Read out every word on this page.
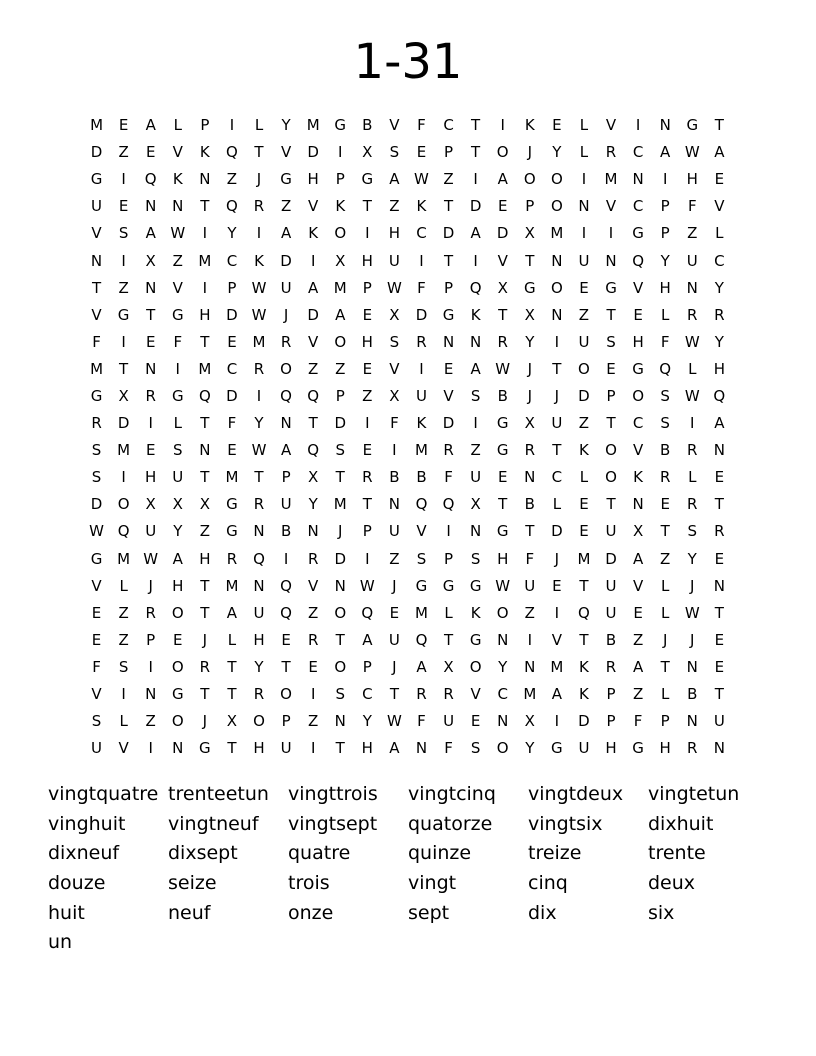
1-31
M	E	A	L	P	I	L	Y	M G	B	V	F	C	T	I	K	E	L	V	I	N	G	T
D	Z	E	V	K	Q	T	V	D	I	X	S	E	P	T	O	J	Y	L	R	C	A W A
G	I	Q	K	N	Z	J	G	H	P	G	A W Z	I	A	O	O	I	M N	I	H	E
U	E	N	N	T	Q	R	Z	V	K	T	Z	K	T	D	E	P	O	N	V	C	P	F	V
V	S	A W	I	Y	I	A	K	O	I	H	C	D	A	D	X	M	I	I	G	P	Z	L
N	I	X	Z	M	C	K	D	I	X	H	U	I	T	I	V	T	N	U	N	Q	Y	U	C
T	Z	N	V	I	P	W U	A	M	P	W	F	P	Q	X	G	O	E	G	V	H	N	Y
V	G	T	G	H	D W	J	D	A	E	X	D	G	K	T	X	N	Z	T	E	L	R	R
F	I	E	F	T	E	M	R	V	O	H	S	R	N	N	R	Y	I	U	S	H	F	W	Y
M	T	N	I	M	C	R	O	Z	Z	E	V	I	E	A W	J	T	O	E	G	Q	L	H
G	X	R	G	Q	D	I	Q	Q	P	Z	X	U	V	S	B	J	J	D	P	O	S W Q
R	D	I	L	T	F	Y	N	T	D	I	F	K	D	I	G	X	U	Z	T	C	S	I	A
S	M	E	S	N	E W A	Q	S	E	I	M	R	Z	G	R	T	K	O	V	B	R	N
S	I	H	U	T	M	T	P	X	T	R	B	B	F	U	E	N	C	L	O	K	R	L	E
D	O	X	X	X	G	R	U	Y	M	T	N	Q	Q	X	T	B	L	E	T	N	E	R	T
W Q	U	Y	Z	G	N	B	N	J	P	U	V	I	N	G	T	D	E	U	X	T	S	R
G M W A	H	R	Q	I	R	D	I	Z	S	P	S	H	F	J	M D	A	Z	Y	E
V	L	J	H	T	M N	Q	V	N W	J	G	G	G W U	E	T	U	V	L	J	N
E	Z	R	O	T	A	U	Q	Z	O	Q	E	M	L	K	O	Z	I	Q	U	E	L	W	T
E	Z	P	E	J	L	H	E	R	T	A	U	Q	T	G	N	I	V	T	B	Z	J	J	E
F	S	I	O	R	T	Y	T	E	O	P	J	A	X	O	Y	N M	K	R	A	T	N	E
V	I	N	G	T	T	R	O	I	S	C	T	R	R	V	C	M	A	K	P	Z	L	B	T
S	L	Z	O	J	X	O	P	Z	N	Y	W	F	U	E	N	X	I	D	P	F	P	N	U
U	V	I	N	G	T	H	U	I	T	H	A	N	F	S	O	Y	G	U	H	G	H	R	N
vingtquatre trenteetun	vingttrois	vingtcinq	vingtdeux	vingtetun
vinghuit	vingtneuf	vingtsept	quatorze	vingtsix	dixhuit
dixneuf	dixsept	quatre	quinze	treize	trente
douze	seize	trois	vingt	cinq	deux
huit	neuf	onze	sept	dix	six
un
